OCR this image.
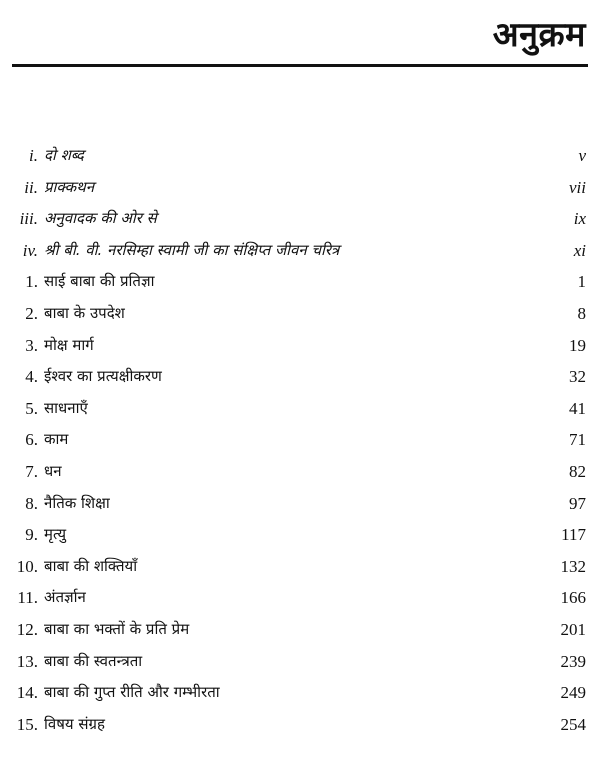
अनुक्रम
i. दो शब्द	v
ii. प्राक्कथन	vii
iii. अनुवादक की ओर से	ix
iv. श्री बी. वी. नरसिम्हा स्वामी जी का संक्षिप्त जीवन चरित्र	xi
1. साई बाबा की प्रतिज्ञा	1
2. बाबा के उपदेश	8
3. मोक्ष मार्ग	19
4. ईश्वर का प्रत्यक्षीकरण	32
5. साधनाएँ	41
6. काम	71
7. धन	82
8. नैतिक शिक्षा	97
9. मृत्यु	117
10. बाबा की शक्तियाँ	132
11. अंतर्ज्ञान	166
12. बाबा का भक्तों के प्रति प्रेम	201
13. बाबा की स्वतन्त्रता	239
14. बाबा की गुप्त रीति और गम्भीरता	249
15. विषय संग्रह	254
